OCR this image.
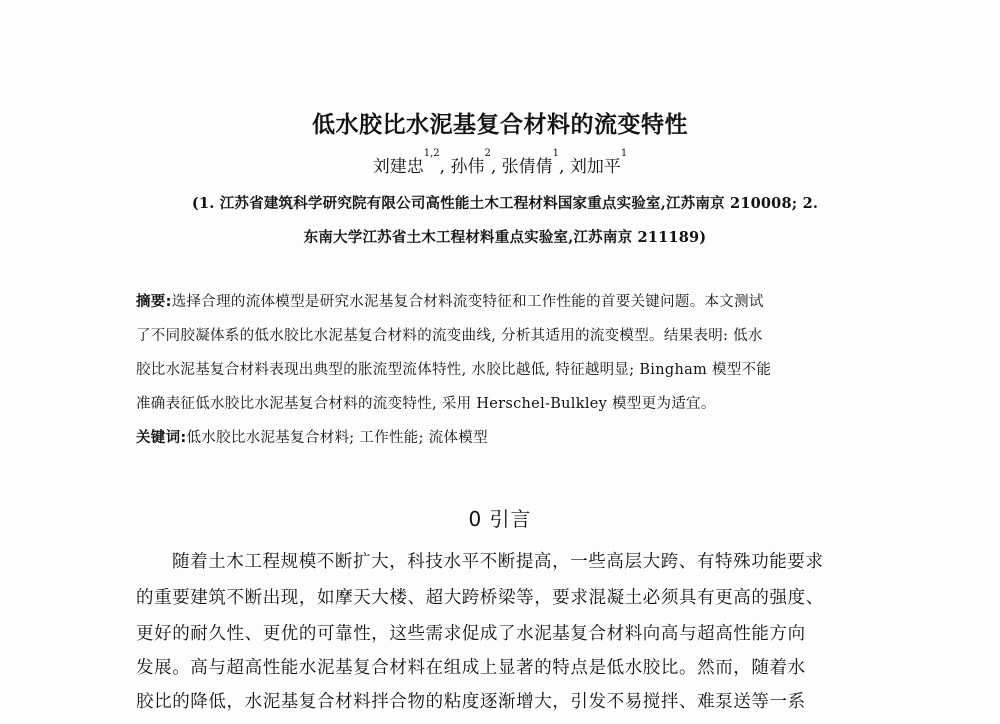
低水胶比水泥基复合材料的流变特性
刘建忠$^{1,2}$, 孙伟$^2$, 张倩倩$^1$, 刘加平$^1$
(1. 江苏省建筑科学研究院有限公司高性能土木工程材料国家重点实验室,江苏南京 210008; 2.
东南大学江苏省土木工程材料重点实验室,江苏南京 211189)
摘要:选择合理的流体模型是研究水泥基复合材料流变特征和工作性能的首要关键问题。本文测试
了不同胶凝体系的低水胶比水泥基复合材料的流变曲线, 分析其适用的流变模型。结果表明: 低水
胶比水泥基复合材料表现出典型的胀流型流体特性, 水胶比越低, 特征越明显; Bingham 模型不能
准确表征低水胶比水泥基复合材料的流变特性, 采用 Herschel-Bulkley 模型更为适宜。
关键词:低水胶比水泥基复合材料; 工作性能; 流体模型
0 引言
随着土木工程规模不断扩大，科技水平不断提高，一些高层大跨、有特殊功能要求
的重要建筑不断出现，如摩天大楼、超大跨桥梁等，要求混凝土必须具有更高的强度、
更好的耐久性、更优的可靠性，这些需求促成了水泥基复合材料向高与超高性能方向
发展。高与超高性能水泥基复合材料在组成上显著的特点是低水胶比。然而，随着水
胶比的降低，水泥基复合材料拌合物的粘度逐渐增大，引发不易搅拌、难泵送等一系
